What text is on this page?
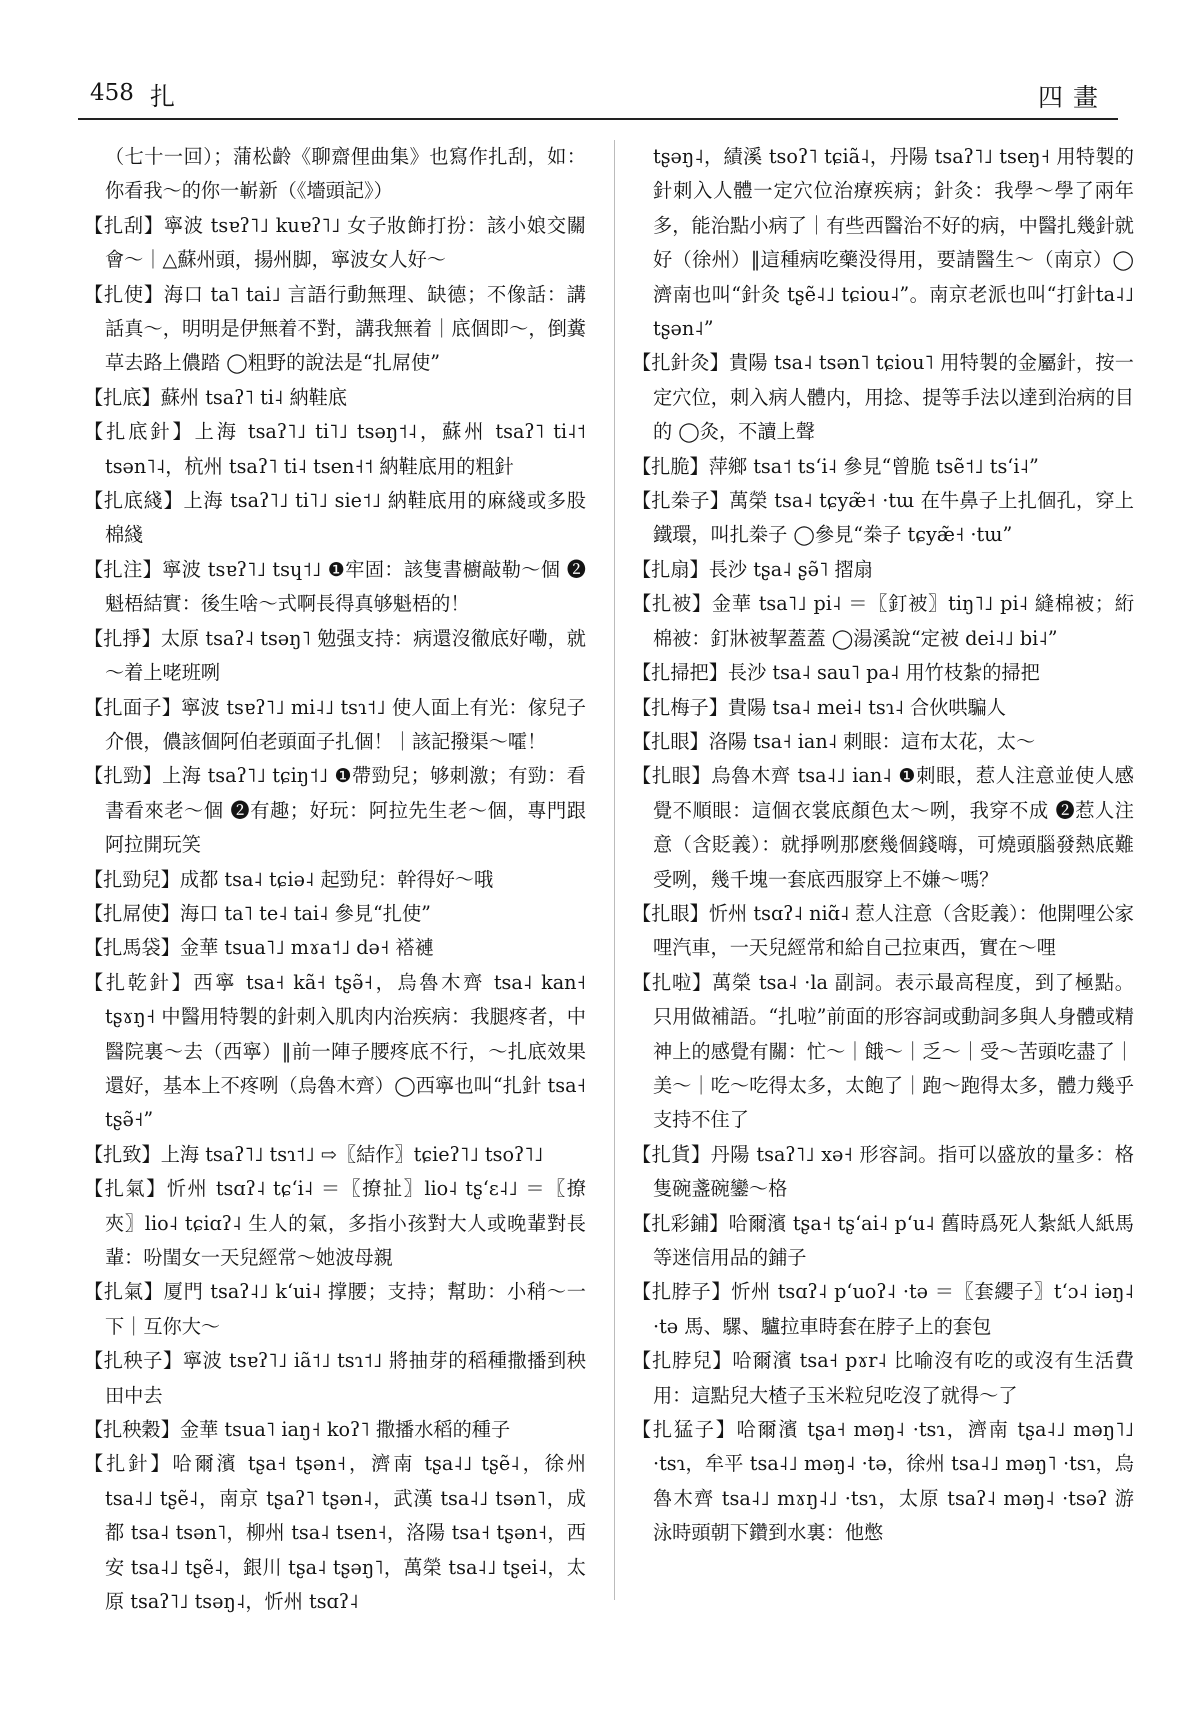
458 扎	四畫

（七十一回）；蒲松齡《聊齋俚曲集》也寫作扎刮，如：你看我～的你一嶄新（《墻頭記》）

【扎刮】寧波 tsɐʔ˥˩ kuɐʔ˥˩ 女子妝飾打扮：該小娘交關會～｜△蘇州頭，揚州脚，寧波女人好～

【扎使】海口 ta˥ tai˩ 言語行動無理、缺德；不像話：講話真～，明明是伊無着不對，講我無着｜底個即～，倒糞草去路上儂踏 ◯粗野的說法是“扎屌使”

【扎底】蘇州 tsaʔ˥ ti˨ 納鞋底

【扎底針】上海 tsaʔ˥˩ ti˥˩ tsəŋ˦˨，蘇州 tsaʔ˥ ti˨˦ tsən˥˨，杭州 tsaʔ˥ ti˨ tsen˧˦ 納鞋底用的粗針

【扎底綫】上海 tsaʔ˥˩ ti˥˩ sie˦˩ 納鞋底用的麻綫或多股棉綫

【扎注】寧波 tsɐʔ˥˩ tsɥ˦˩ ❶牢固：該隻書櫥敲勒～個 ❷魁梧結實：後生啥～式啊長得真够魁梧的！

【扎掙】太原 tsaʔ˨ tsəŋ˥ 勉强支持：病還沒徹底好嘞，就～着上咾班咧

【扎面子】寧波 tsɐʔ˥˩ mi˨˩ tsɿ˦˩ 使人面上有光：傢兒子介偎，儂該個阿伯老頭面子扎個！｜該記撥渠～嚯！

【扎勁】上海 tsaʔ˥˩ tɕiŋ˦˩ ❶帶勁兒；够刺激；有勁：看書看來老～個 ❷有趣；好玩：阿拉先生老～個，專門跟阿拉開玩笑

【扎勁兒】成都 tsa˨ tɕiə˨ 起勁兒：幹得好～哦

【扎屌使】海口 ta˥ te˨ tai˨ 參見“扎使”

【扎馬袋】金華 tsua˥˩ mɤa˦˩ də˧ 褡褳

【扎乾針】西寧 tsa˧ kã˧ tʂə̃˧，烏魯木齊 tsa˨ kan˧ tʂɤŋ˧ 中醫用特製的針刺入肌肉内治疾病：我腿疼者，中醫院裏～去（西寧）‖前一陣子腰疼底不行，～扎底效果還好，基本上不疼咧（烏魯木齊）◯西寧也叫“扎針 tsa˧ tʂə̃˧”

【扎致】上海 tsaʔ˥˩ tsɿ˦˩ ⇨〖結作〗tɕieʔ˥˩ tsoʔ˥˩

【扎氣】忻州 tsɑʔ˨ tɕʻi˨ ＝〖撩扯〗lio˨ tʂʻɛ˨˩ ＝〖撩夾〗lio˨ tɕiɑʔ˨ 生人的氣，多指小孩對大人或晚輩對長輩：吩閨女一天兒經常～她波母親

【扎氣】厦門 tsaʔ˨˩ kʻui˨ 撑腰；支持；幫助：小稍～一下｜互你大～

【扎秧子】寧波 tsɐʔ˥˩ iã˦˩ tsɿ˦˩ 將抽芽的稻種撒播到秧田中去

【扎秧穀】金華 tsua˥ iaŋ˧ koʔ˥ 撒播水稻的種子

【扎針】哈爾濱 tʂa˧ tʂən˧，濟南 tʂa˨˩ tʂẽ˨，徐州 tsa˨˩ tʂẽ˨，南京 tʂaʔ˥ tʂən˨，武漢 tsa˨˩ tsən˥，成都 tsa˨ tsən˥，柳州 tsa˨ tsen˧，洛陽 tsa˧ tʂən˧，西安 tsa˨˩ tʂẽ˨，銀川 tʂa˨ tʂəŋ˥，萬榮 tsa˨˩ tʂei˨，太原 tsaʔ˥˩ tsəŋ˨，忻州 tsɑʔ˨

tʂəŋ˨，績溪 tsoʔ˥ tɕiã˨，丹陽 tsaʔ˥˩ tseŋ˧ 用特製的針刺入人體一定穴位治療疾病；針灸：我學～學了兩年多，能治點小病了｜有些西醫治不好的病，中醫扎幾針就好（徐州）‖這種病吃藥没得用，要請醫生～（南京）◯濟南也叫“針灸 tʂẽ˨˩ tɕiou˨”。南京老派也叫“打針ta˨˩ tʂən˨”

【扎針灸】貴陽 tsa˨ tsən˥ tɕiou˥ 用特製的金屬針，按一定穴位，刺入病人體内，用捻、提等手法以達到治病的目的 ◯灸，不讀上聲

【扎脆】萍鄉 tsa˦ tsʻi˨ 參見“曾脆 tsẽ˦˩ tsʻi˨”

【扎桊子】萬榮 tsa˨ tɕyæ̃˧ ·tɯ 在牛鼻子上扎個孔，穿上鐵環，叫扎桊子 ◯參見“桊子 tɕyæ̃˧ ·tɯ”

【扎扇】長沙 tʂa˨ ʂə̃˥ 摺扇

【扎被】金華 tsa˥˩ pi˨ ＝〖釘被〗tiŋ˥˩ pi˨ 縫棉被；絎棉被：釘牀被挈蓋蓋 ◯湯溪說“定被 dei˨˩ bi˨”

【扎掃把】長沙 tsa˨ sau˥ pa˨ 用竹枝紮的掃把

【扎梅子】貴陽 tsa˨ mei˨ tsɿ˨ 合伙哄騙人

【扎眼】洛陽 tsa˧ ian˨ 刺眼：這布太花，太～

【扎眼】烏魯木齊 tsa˨˩ ian˨ ❶刺眼，惹人注意並使人感覺不順眼：這個衣裳底顏色太～咧，我穿不成 ❷惹人注意（含貶義）：就掙咧那麽幾個錢嗨，可燒頭腦發熱底難受咧，幾千塊一套底西服穿上不嫌～嗎？

【扎眼】忻州 tsɑʔ˨ niɑ̃˨ 惹人注意（含貶義）：他開哩公家哩汽車，一天兒經常和給自己拉東西，實在～哩

【扎啦】萬榮 tsa˨ ·la 副詞。表示最高程度，到了極點。只用做補語。“扎啦”前面的形容詞或動詞多與人身體或精神上的感覺有關：忙～｜餓～｜乏～｜受～苦頭吃盡了｜美～｜吃～吃得太多，太飽了｜跑～跑得太多，體力幾乎支持不住了

【扎貨】丹陽 tsaʔ˥˩ xə˧ 形容詞。指可以盛放的量多：格隻碗盞碗鑾～格

【扎彩鋪】哈爾濱 tʂa˧ tʂʻai˨ pʻu˨ 舊時爲死人紮紙人紙馬等迷信用品的鋪子

【扎脖子】忻州 tsɑʔ˨ pʻuoʔ˨ ·tə ＝〖套纓子〗tʻɔ˨ iəŋ˨ ·tə 馬、騾、驢拉車時套在脖子上的套包

【扎脖兒】哈爾濱 tsa˧ pɤr˨ 比喻沒有吃的或沒有生活費用：這點兒大楂子玉米粒兒吃沒了就得～了

【扎猛子】哈爾濱 tʂa˧ məŋ˨ ·tsɿ，濟南 tʂa˨˩ məŋ˥˩ ·tsɿ，牟平 tsa˨˩ məŋ˨ ·tə，徐州 tsa˨˩ məŋ˥ ·tsɿ，烏魯木齊 tsa˨˩ mɤŋ˨˩ ·tsɿ，太原 tsaʔ˨ məŋ˨ ·tsəʔ 游泳時頭朝下鑽到水裏：他憋
